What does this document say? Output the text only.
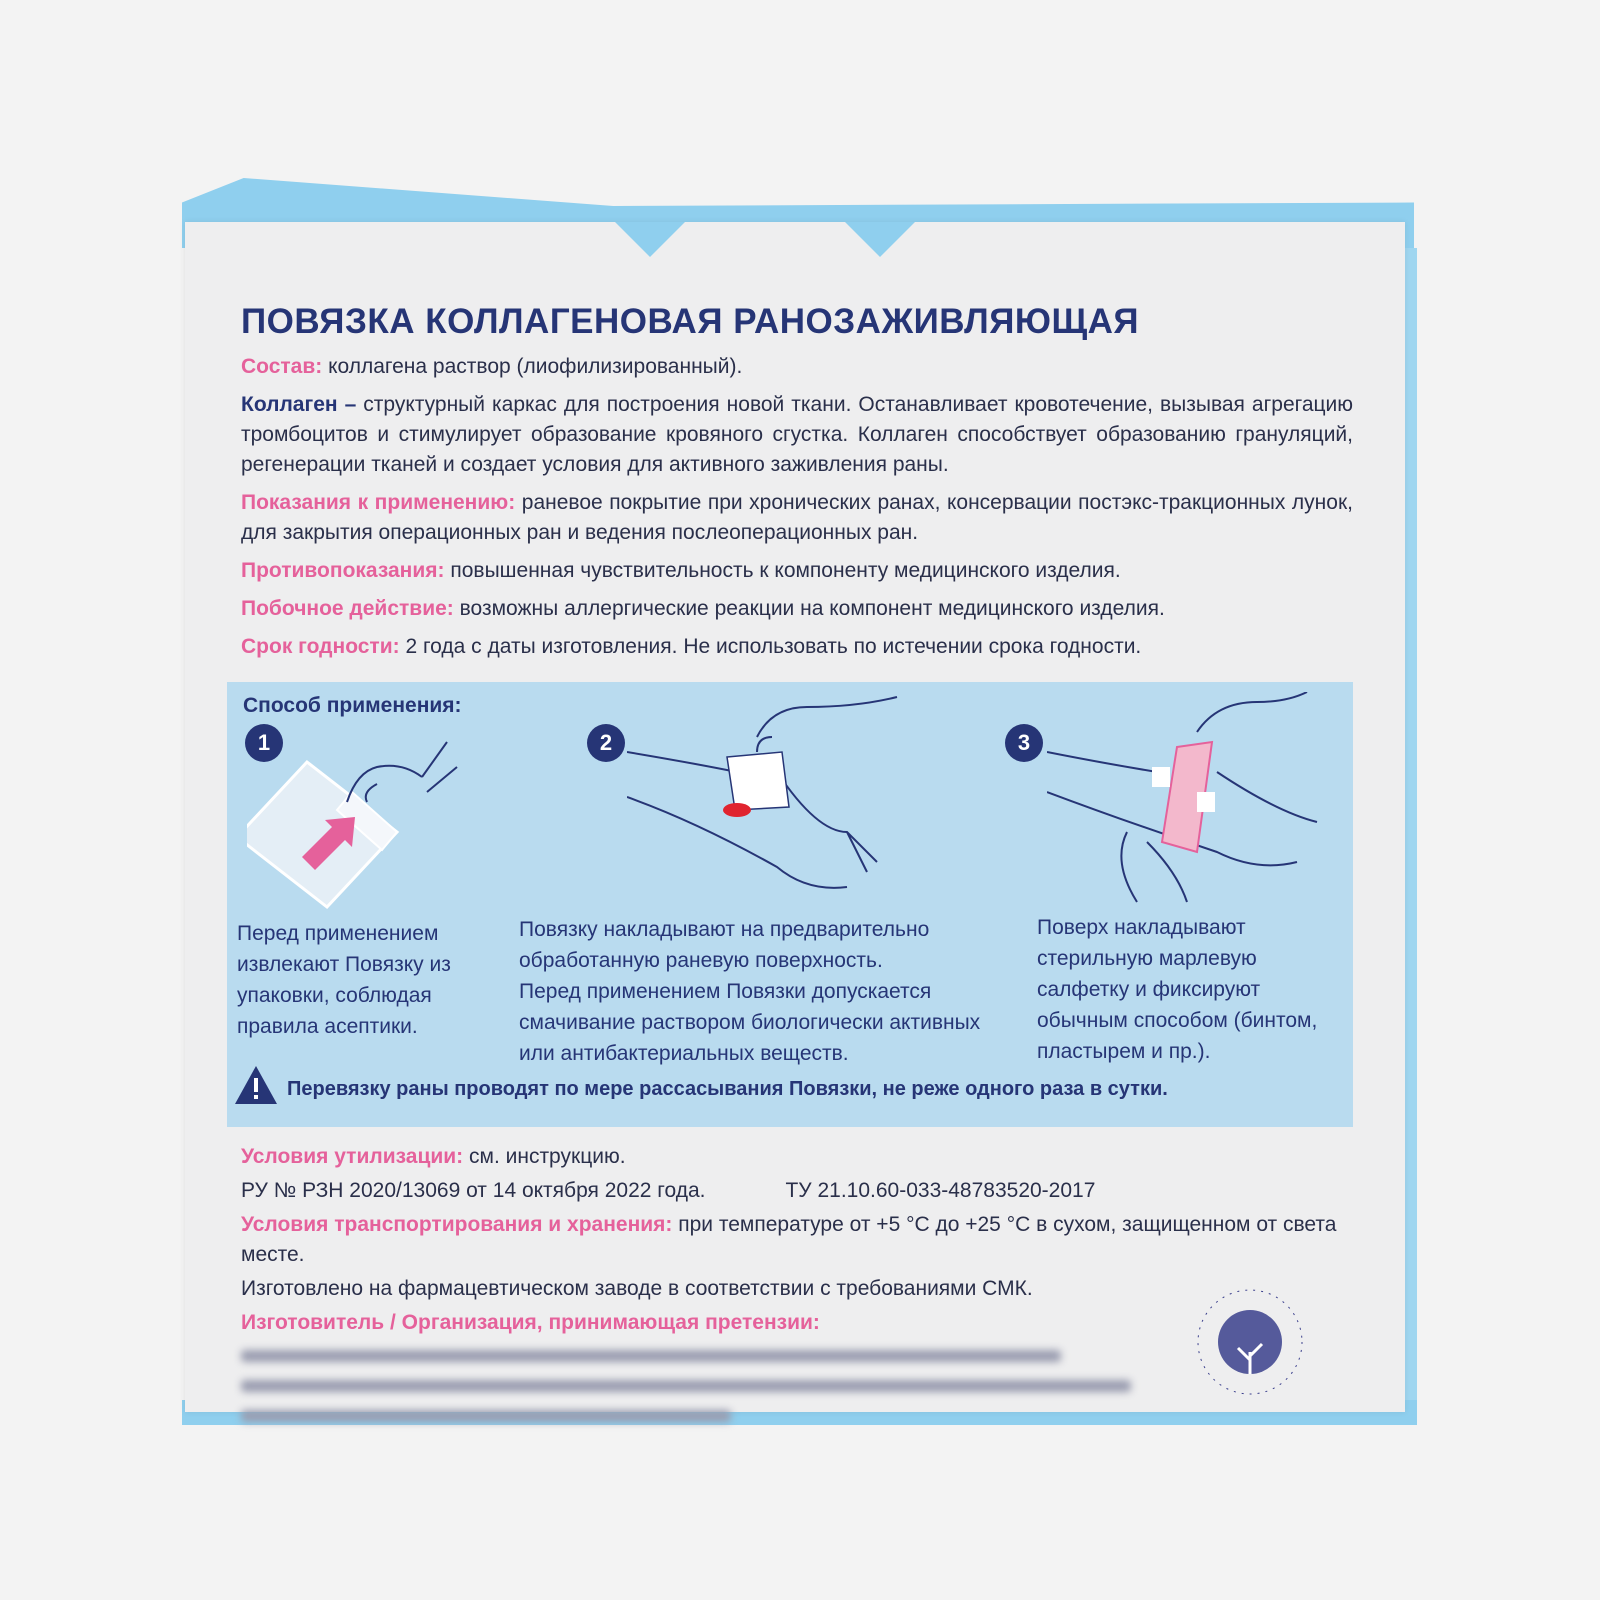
ПОВЯЗКА КОЛЛАГЕНОВАЯ РАНОЗАЖИВЛЯЮЩАЯ

Состав: коллагена раствор (лиофилизированный).

Коллаген – структурный каркас для построения новой ткани. Останавливает кровотечение, вызывая агрегацию тромбоцитов и стимулирует образование кровяного сгустка. Коллаген способствует образованию грануляций, регенерации тканей и создает условия для активного заживления раны.

Показания к применению: раневое покрытие при хронических ранах, консервации постэкс-тракционных лунок, для закрытия операционных ран и ведения послеоперационных ран.

Противопоказания: повышенная чувствительность к компоненту медицинского изделия.

Побочное действие: возможны аллергические реакции на компонент медицинского изделия.

Срок годности: 2 года с даты изготовления. Не использовать по истечении срока годности.

Способ применения:
1
Перед применением извлекают Повязку из упаковки, соблюдая правила асептики.
2
Повязку накладывают на предварительно обработанную раневую поверхность.
Перед применением Повязки допускается смачивание раствором биологически активных или антибактериальных веществ.
3
Поверх накладывают стерильную марлевую салфетку и фиксируют обычным способом (бинтом, пластырем и пр.).
Перевязку раны проводят по мере рассасывания Повязки, не реже одного раза в сутки.

Условия утилизации: см. инструкцию.

РУ № РЗН 2020/13069 от 14 октября 2022 года.	ТУ 21.10.60-033-48783520-2017

Условия транспортирования и хранения: при температуре от +5 °С до +25 °С в сухом, защищенном от света месте.

Изготовлено на фармацевтическом заводе в соответствии с требованиями СМК.

Изготовитель / Организация, принимающая претензии:
